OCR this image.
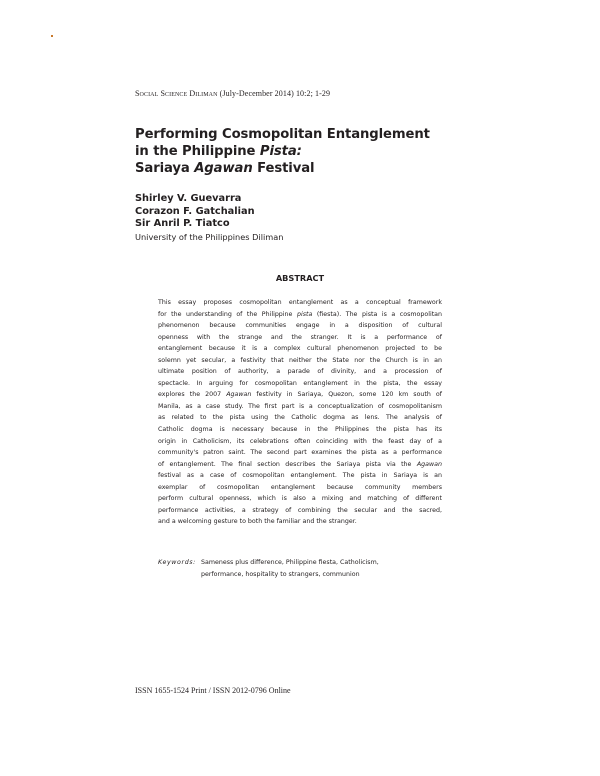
Social Science Diliman (July-December 2014) 10:2; 1-29
Performing Cosmopolitan Entanglement
in the Philippine Pista:
Sariaya Agawan Festival
Shirley V. Guevarra
Corazon F. Gatchalian
Sir Anril P. Tiatco
University of the Philippines Diliman
ABSTRACT
This essay proposes cosmopolitan entanglement as a conceptual framework
for the understanding of the Philippine pista (fiesta). The pista is a cosmopolitan
phenomenon because communities engage in a disposition of cultural
openness with the strange and the stranger. It is a performance of
entanglement because it is a complex cultural phenomenon projected to be
solemn yet secular, a festivity that neither the State nor the Church is in an
ultimate position of authority, a parade of divinity, and a procession of
spectacle. In arguing for cosmopolitan entanglement in the pista, the essay
explores the 2007 Agawan festivity in Sariaya, Quezon, some 120 km south of
Manila, as a case study. The first part is a conceptualization of cosmopolitanism
as related to the pista using the Catholic dogma as lens. The analysis of
Catholic dogma is necessary because in the Philippines the pista has its
origin in Catholicism, its celebrations often coinciding with the feast day of a
community's patron saint. The second part examines the pista as a performance
of entanglement. The final section describes the Sariaya pista via the Agawan
festival as a case of cosmopolitan entanglement. The pista in Sariaya is an
exemplar of cosmopolitan entanglement because community members
perform cultural openness, which is also a mixing and matching of different
performance activities, a strategy of combining the secular and the sacred,
and a welcoming gesture to both the familiar and the stranger.
Keywords: Sameness plus difference, Philippine fiesta, Catholicism,
performance, hospitality to strangers, communion
ISSN 1655-1524 Print / ISSN 2012-0796 Online
